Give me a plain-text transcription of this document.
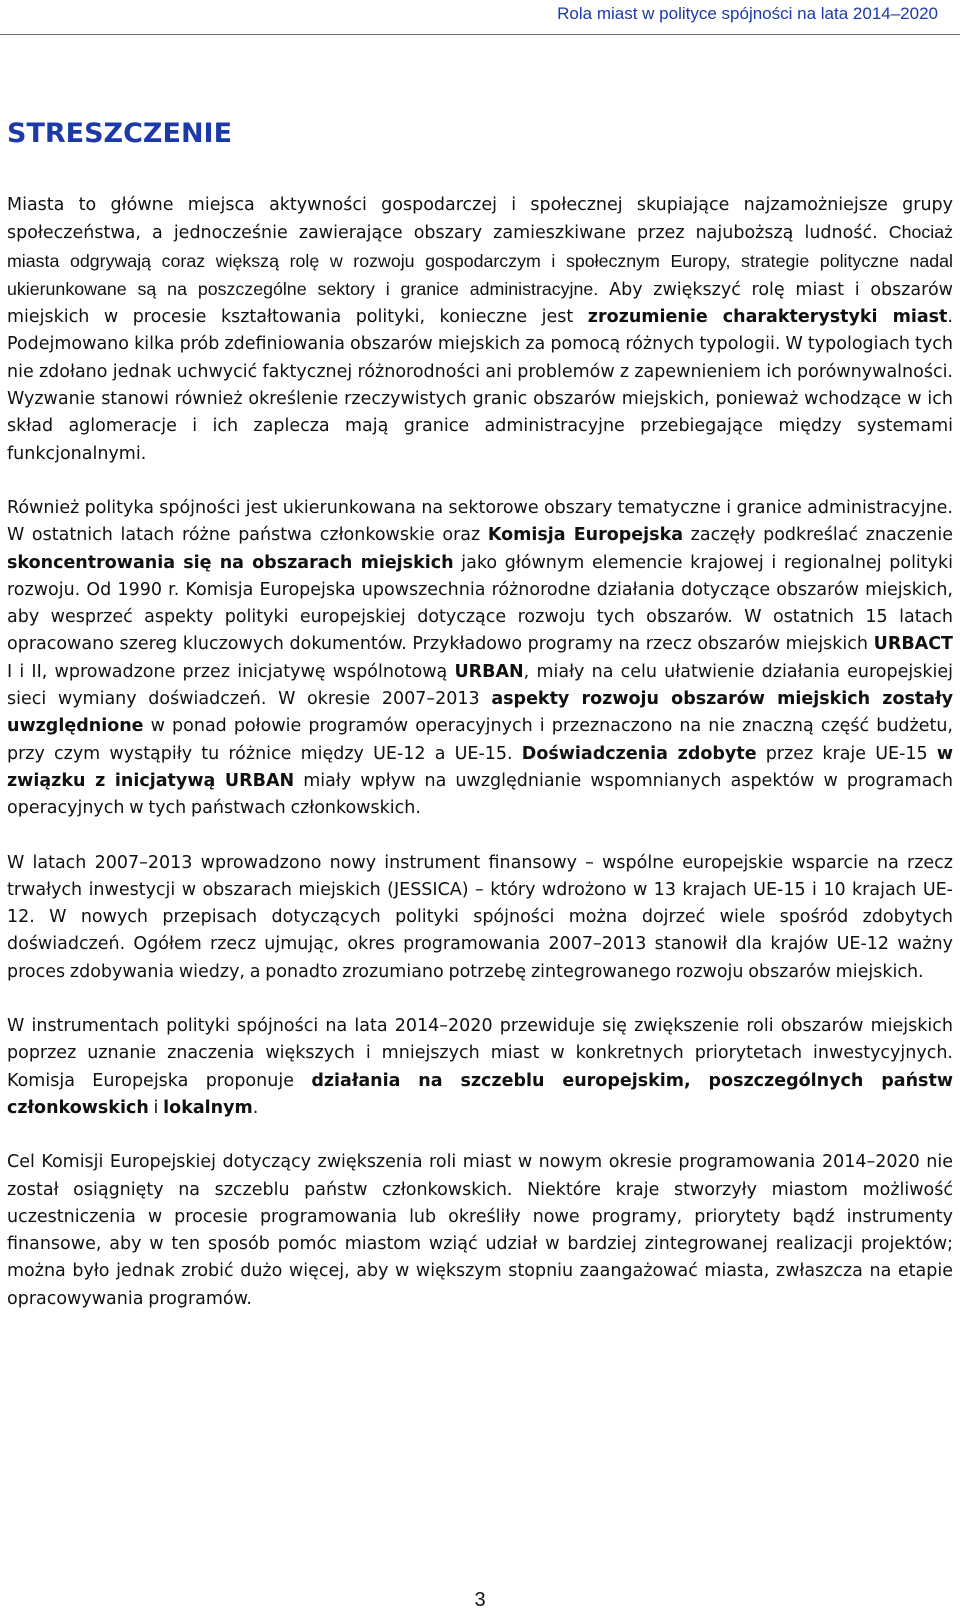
Rola miast w polityce spójności na lata 2014–2020
STRESZCZENIE

Miasta to główne miejsca aktywności gospodarczej i społecznej skupiające najzamożniejsze grupy społeczeństwa, a jednocześnie zawierające obszary zamieszkiwane przez najuboższą ludność. Chociaż miasta odgrywają coraz większą rolę w rozwoju gospodarczym i społecznym Europy, strategie polityczne nadal ukierunkowane są na poszczególne sektory i granice administracyjne. Aby zwiększyć rolę miast i obszarów miejskich w procesie kształtowania polityki, konieczne jest zrozumienie charakterystyki miast. Podejmowano kilka prób zdefiniowania obszarów miejskich za pomocą różnych typologii. W typologiach tych nie zdołano jednak uchwycić faktycznej różnorodności ani problemów z zapewnieniem ich porównywalności. Wyzwanie stanowi również określenie rzeczywistych granic obszarów miejskich, ponieważ wchodzące w ich skład aglomeracje i ich zaplecza mają granice administracyjne przebiegające między systemami funkcjonalnymi.

Również polityka spójności jest ukierunkowana na sektorowe obszary tematyczne i granice administracyjne. W ostatnich latach różne państwa członkowskie oraz Komisja Europejska zaczęły podkreślać znaczenie skoncentrowania się na obszarach miejskich jako głównym elemencie krajowej i regionalnej polityki rozwoju. Od 1990 r. Komisja Europejska upowszechnia różnorodne działania dotyczące obszarów miejskich, aby wesprzeć aspekty polityki europejskiej dotyczące rozwoju tych obszarów. W ostatnich 15 latach opracowano szereg kluczowych dokumentów. Przykładowo programy na rzecz obszarów miejskich URBACT I i II, wprowadzone przez inicjatywę wspólnotową URBAN, miały na celu ułatwienie działania europejskiej sieci wymiany doświadczeń. W okresie 2007–2013 aspekty rozwoju obszarów miejskich zostały uwzględnione w ponad połowie programów operacyjnych i przeznaczono na nie znaczną część budżetu, przy czym wystąpiły tu różnice między UE-12 a UE-15. Doświadczenia zdobyte przez kraje UE-15 w związku z inicjatywą URBAN miały wpływ na uwzględnianie wspomnianych aspektów w programach operacyjnych w tych państwach członkowskich.

W latach 2007–2013 wprowadzono nowy instrument finansowy – wspólne europejskie wsparcie na rzecz trwałych inwestycji w obszarach miejskich (JESSICA) – który wdrożono w 13 krajach UE-15 i 10 krajach UE-12. W nowych przepisach dotyczących polityki spójności można dojrzeć wiele spośród zdobytych doświadczeń. Ogółem rzecz ujmując, okres programowania 2007–2013 stanowił dla krajów UE-12 ważny proces zdobywania wiedzy, a ponadto zrozumiano potrzebę zintegrowanego rozwoju obszarów miejskich.

W instrumentach polityki spójności na lata 2014–2020 przewiduje się zwiększenie roli obszarów miejskich poprzez uznanie znaczenia większych i mniejszych miast w konkretnych priorytetach inwestycyjnych. Komisja Europejska proponuje działania na szczeblu europejskim, poszczególnych państw członkowskich i lokalnym.

Cel Komisji Europejskiej dotyczący zwiększenia roli miast w nowym okresie programowania 2014–2020 nie został osiągnięty na szczeblu państw członkowskich. Niektóre kraje stworzyły miastom możliwość uczestniczenia w procesie programowania lub określiły nowe programy, priorytety bądź instrumenty finansowe, aby w ten sposób pomóc miastom wziąć udział w bardziej zintegrowanej realizacji projektów; można było jednak zrobić dużo więcej, aby w większym stopniu zaangażować miasta, zwłaszcza na etapie opracowywania programów.

3
